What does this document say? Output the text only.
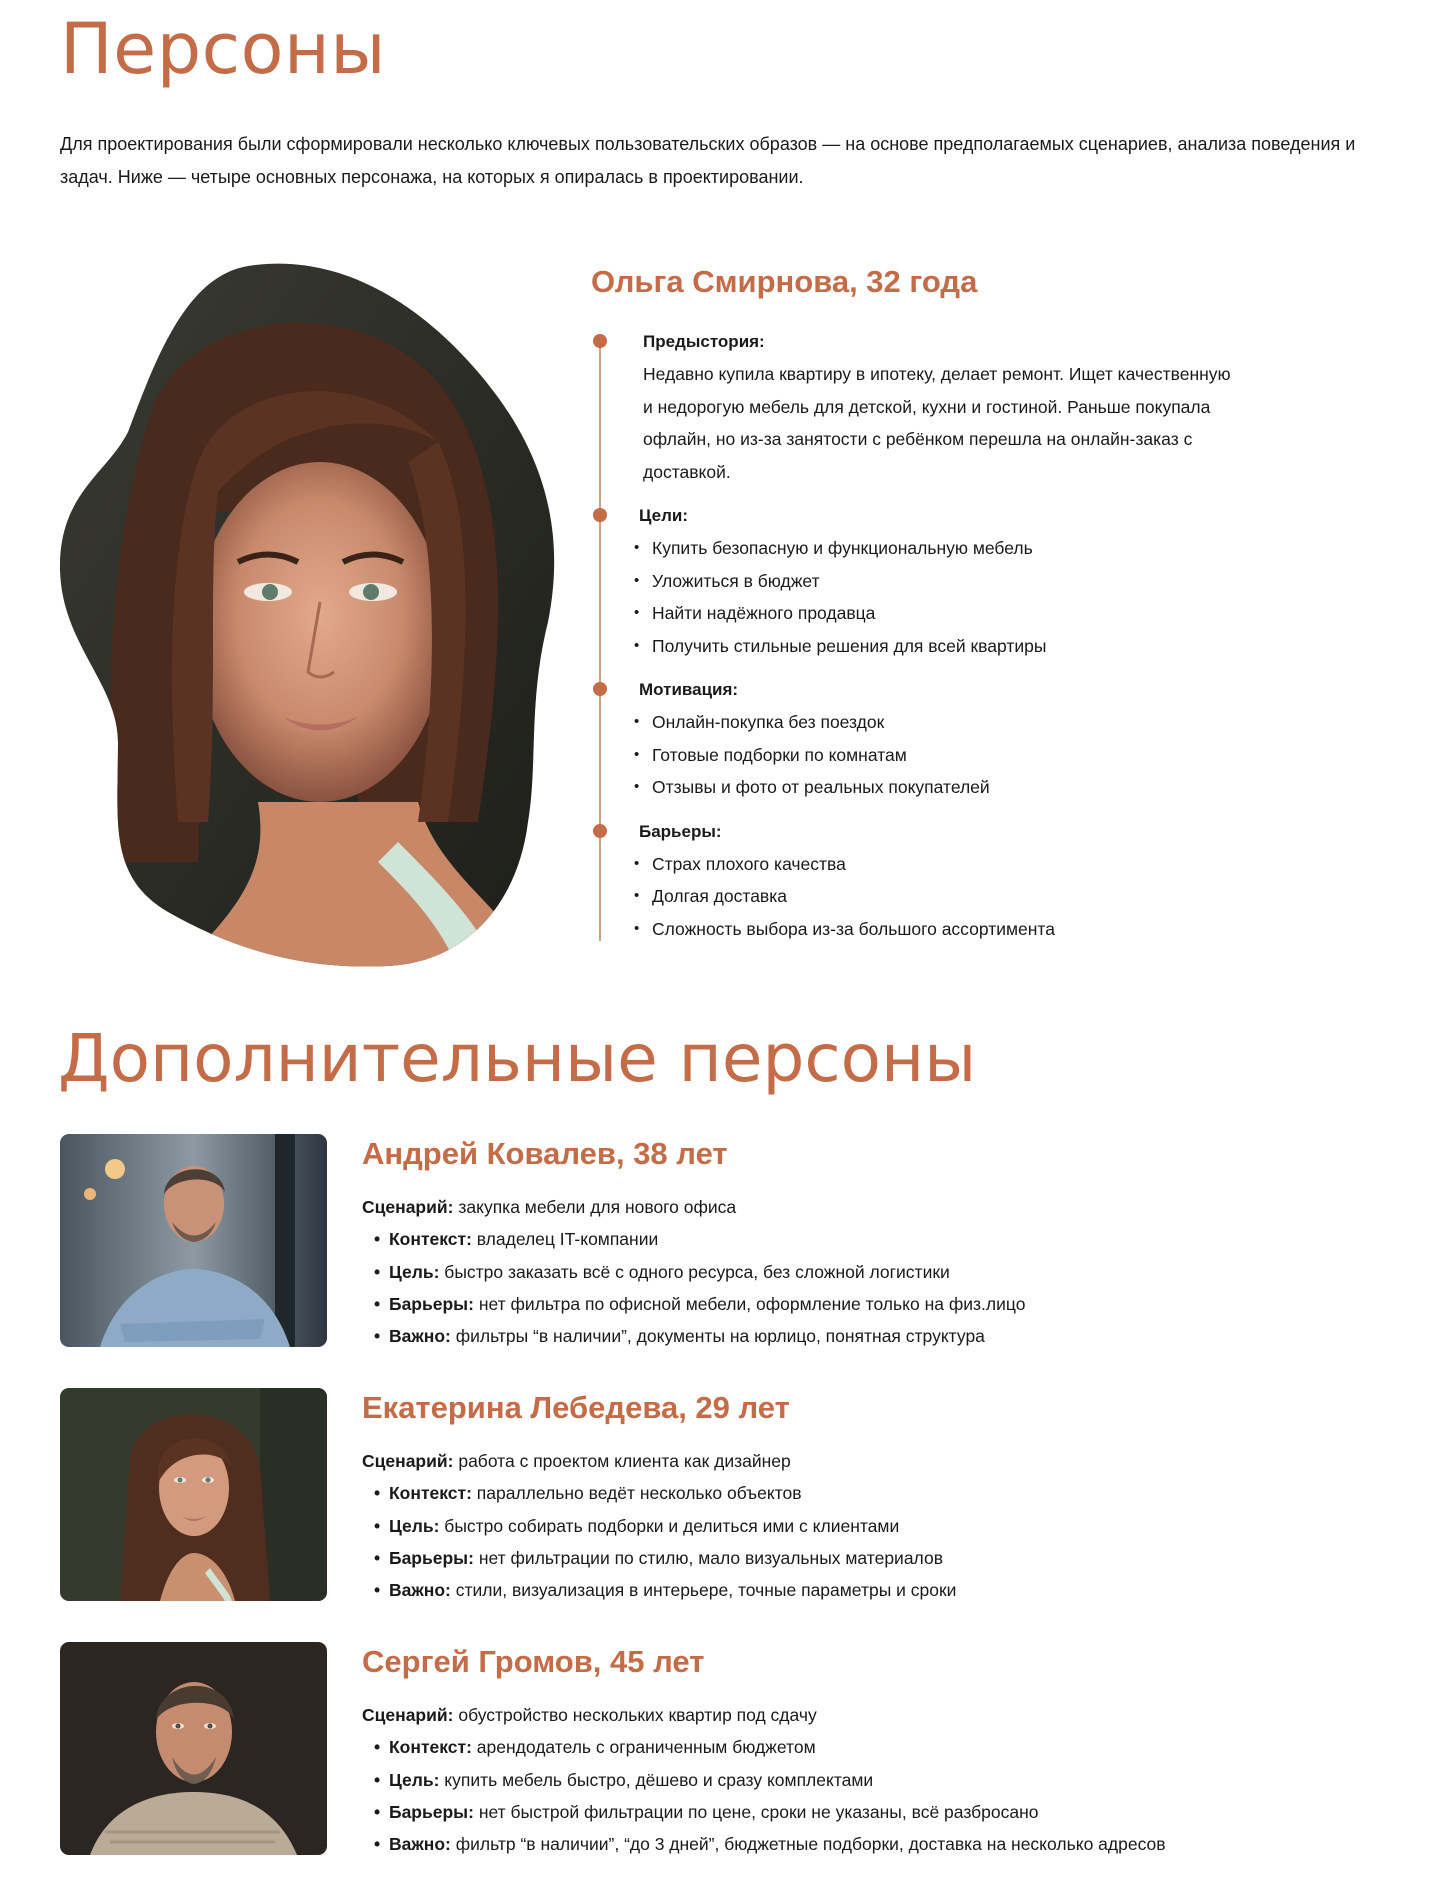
Персоны

Для проектирования были сформировали несколько ключевых пользовательских образов — на основе предполагаемых сценариев, анализа поведения и задач. Ниже — четыре основных персонажа, на которых я опиралась в проектировании.

Ольга Смирнова, 32 года
Предыстория:
Недавно купила квартиру в ипотеку, делает ремонт. Ищет качественную и недорогую мебель для детской, кухни и гостиной. Раньше покупала офлайн, но из-за занятости с ребёнком перешла на онлайн-заказ с доставкой.
Цели:
• Купить безопасную и функциональную мебель
• Уложиться в бюджет
• Найти надёжного продавца
• Получить стильные решения для всей квартиры
Мотивация:
• Онлайн-покупка без поездок
• Готовые подборки по комнатам
• Отзывы и фото от реальных покупателей
Барьеры:
• Страх плохого качества
• Долгая доставка
• Сложность выбора из-за большого ассортимента
Дополнительные персоны
Андрей Ковалев, 38 лет
Сценарий: закупка мебели для нового офиса
• Контекст: владелец IT-компании
• Цель: быстро заказать всё с одного ресурса, без сложной логистики
• Барьеры: нет фильтра по офисной мебели, оформление только на физ.лицо
• Важно: фильтры “в наличии”, документы на юрлицо, понятная структура
Екатерина Лебедева, 29 лет
Сценарий: работа с проектом клиента как дизайнер
• Контекст: параллельно ведёт несколько объектов
• Цель: быстро собирать подборки и делиться ими с клиентами
• Барьеры: нет фильтрации по стилю, мало визуальных материалов
• Важно: стили, визуализация в интерьере, точные параметры и сроки
Сергей Громов, 45 лет
Сценарий: обустройство нескольких квартир под сдачу
• Контекст: арендодатель с ограниченным бюджетом
• Цель: купить мебель быстро, дёшево и сразу комплектами
• Барьеры: нет быстрой фильтрации по цене, сроки не указаны, всё разбросано
• Важно: фильтр “в наличии”, “до 3 дней”, бюджетные подборки, доставка на несколько адресов
